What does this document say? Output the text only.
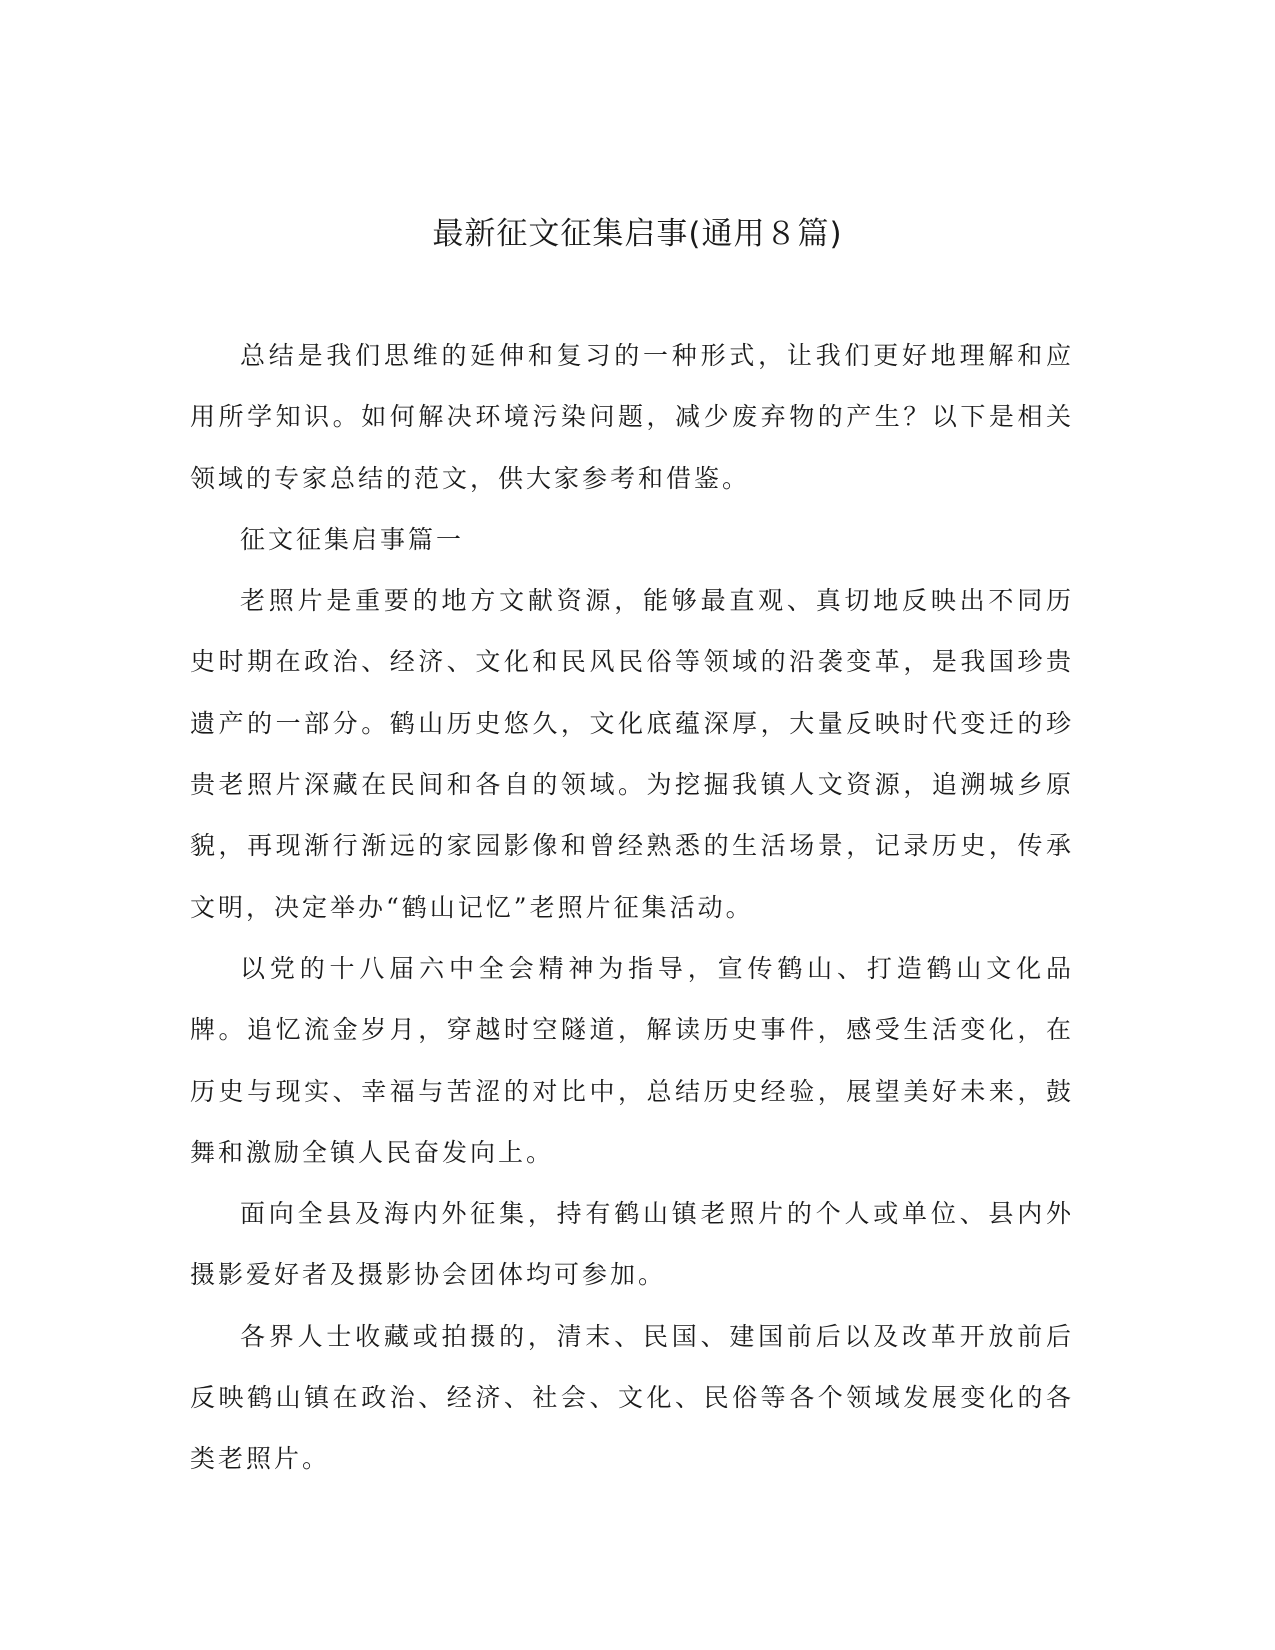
最新征文征集启事(通用８篇)

总结是我们思维的延伸和复习的一种形式，让我们更好地理解和应用所学知识。如何解决环境污染问题，减少废弃物的产生？以下是相关领域的专家总结的范文，供大家参考和借鉴。

征文征集启事篇一

老照片是重要的地方文献资源，能够最直观、真切地反映出不同历史时期在政治、经济、文化和民风民俗等领域的沿袭变革，是我国珍贵遗产的一部分。鹤山历史悠久，文化底蕴深厚，大量反映时代变迁的珍贵老照片深藏在民间和各自的领域。为挖掘我镇人文资源，追溯城乡原貌，再现渐行渐远的家园影像和曾经熟悉的生活场景，记录历史，传承文明，决定举办“鹤山记忆”老照片征集活动。

以党的十八届六中全会精神为指导，宣传鹤山、打造鹤山文化品牌。追忆流金岁月，穿越时空隧道，解读历史事件，感受生活变化，在历史与现实、幸福与苦涩的对比中，总结历史经验，展望美好未来，鼓舞和激励全镇人民奋发向上。

面向全县及海内外征集，持有鹤山镇老照片的个人或单位、县内外摄影爱好者及摄影协会团体均可参加。

各界人士收藏或拍摄的，清末、民国、建国前后以及改革开放前后反映鹤山镇在政治、经济、社会、文化、民俗等各个领域发展变化的各类老照片。
